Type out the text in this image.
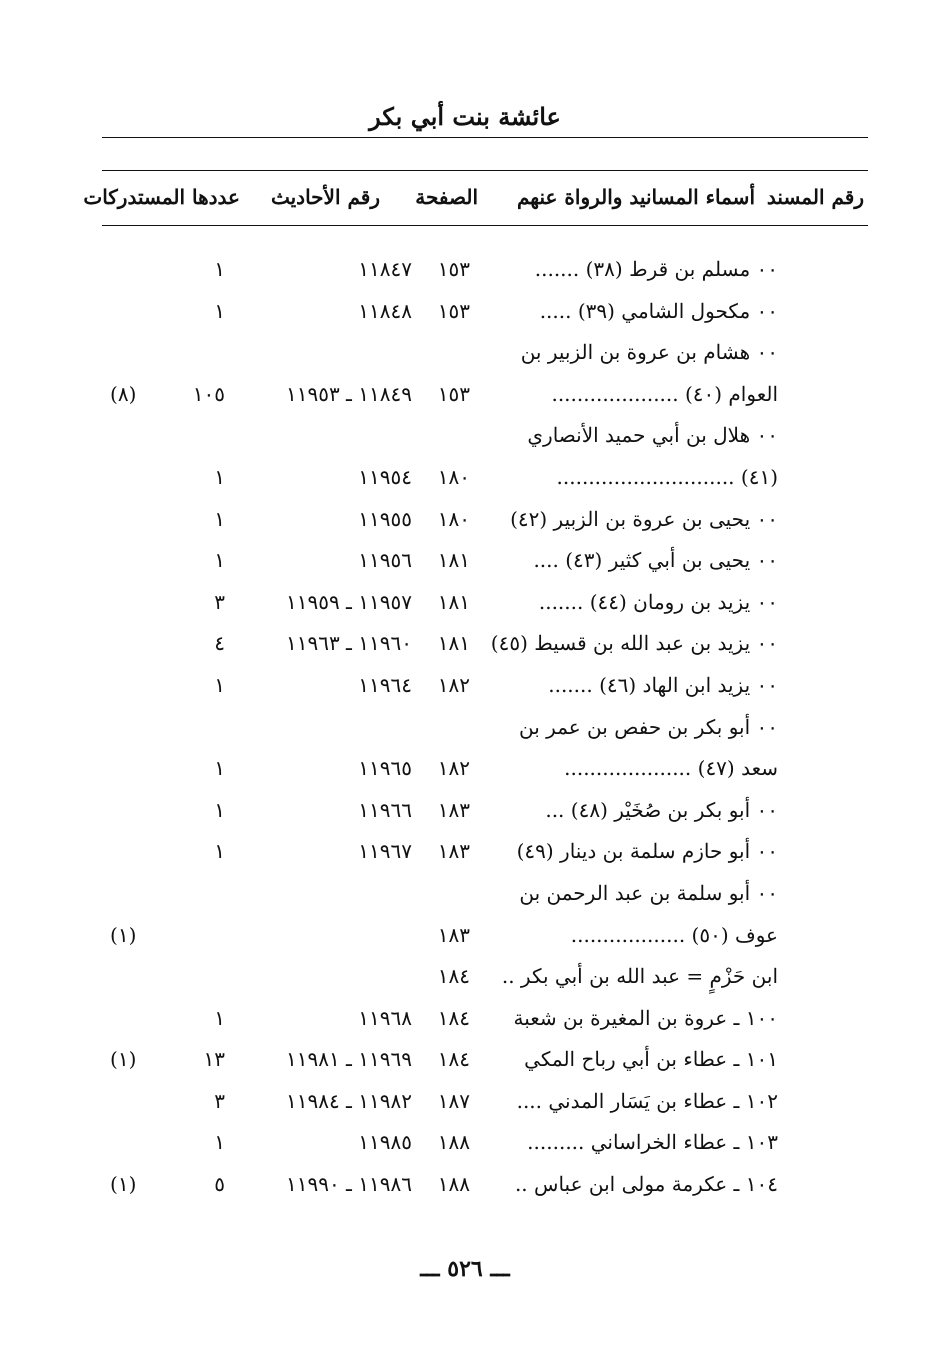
عائشة بنت أبي بكر
رقم المسند
أسماء المسانيد والرواة عنهم
الصفحة
رقم الأحاديث
عددها المستدركات
٠٠ مسلم بن قرط (٣٨) .......
١٥٣
١١٨٤٧
١
٠٠ مكحول الشامي (٣٩) .....
١٥٣
١١٨٤٨
١
٠٠ هشام بن عروة بن الزبير بن
العوام (٤٠) ....................
١٥٣
١١٨٤٩ ـ ١١٩٥٣
١٠٥
(٨)
٠٠ هلال بن أبي حميد الأنصاري
(٤١) ............................
١٨٠
١١٩٥٤
١
٠٠ يحيى بن عروة بن الزبير (٤٢)
١٨٠
١١٩٥٥
١
٠٠ يحيى بن أبي كثير (٤٣) ....
١٨١
١١٩٥٦
١
٠٠ يزيد بن رومان (٤٤) .......
١٨١
١١٩٥٧ ـ ١١٩٥٩
٣
٠٠ يزيد بن عبد الله بن قسيط (٤٥)
١٨١
١١٩٦٠ ـ ١١٩٦٣
٤
٠٠ يزيد ابن الهاد (٤٦) .......
١٨٢
١١٩٦٤
١
٠٠ أبو بكر بن حفص بن عمر بن
سعد (٤٧) ....................
١٨٢
١١٩٦٥
١
٠٠ أبو بكر بن صُخَيْر (٤٨) ...
١٨٣
١١٩٦٦
١
٠٠ أبو حازم سلمة بن دينار (٤٩)
١٨٣
١١٩٦٧
١
٠٠ أبو سلمة بن عبد الرحمن بن
عوف (٥٠) ..................
١٨٣
(١)
ابن حَزْمٍ = عبد الله بن أبي بكر ..
١٨٤
١٠٠ ـ عروة بن المغيرة بن شعبة
١٨٤
١١٩٦٨
١
١٠١ ـ عطاء بن أبي رباح المكي
١٨٤
١١٩٦٩ ـ ١١٩٨١
١٣
(١)
١٠٢ ـ عطاء بن يَسَار المدني ....
١٨٧
١١٩٨٢ ـ ١١٩٨٤
٣
١٠٣ ـ عطاء الخراساني .........
١٨٨
١١٩٨٥
١
١٠٤ ـ عكرمة مولى ابن عباس ..
١٨٨
١١٩٨٦ ـ ١١٩٩٠
٥
(١)
ـــ ٥٢٦ ـــ
